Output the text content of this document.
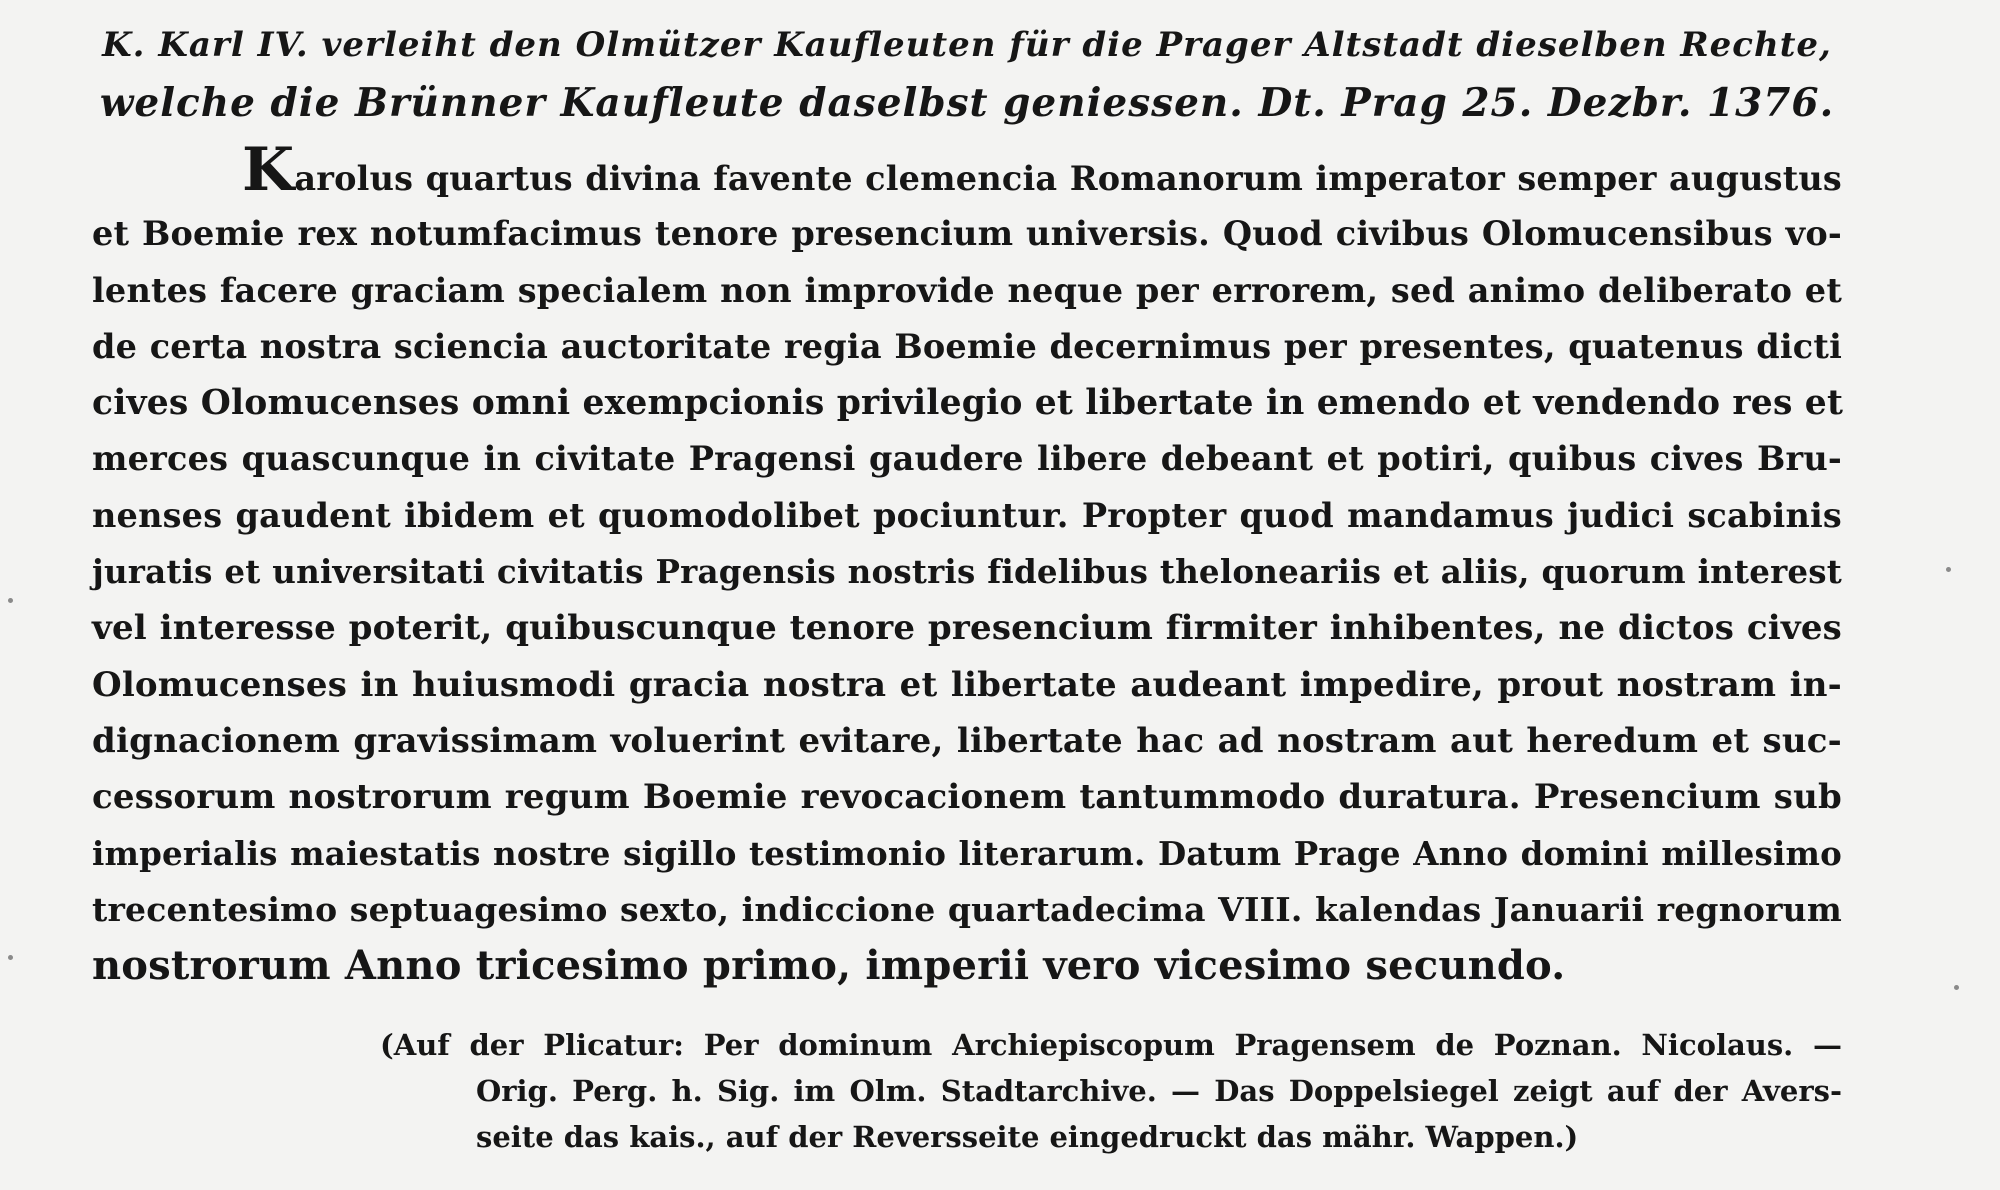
K. Karl IV. verleiht den Olmützer Kaufleuten für die Prager Altstadt dieselben Rechte,
welche die Brünner Kaufleute daselbst geniessen. Dt. Prag 25. Dezbr. 1376.
Karolus quartus divina favente clemencia Romanorum imperator semper augustus
et Boemie rex notumfacimus tenore presencium universis. Quod civibus Olomucensibus vo-
lentes facere graciam specialem non improvide neque per errorem, sed animo deliberato et
de certa nostra sciencia auctoritate regia Boemie decernimus per presentes, quatenus dicti
cives Olomucenses omni exempcionis privilegio et libertate in emendo et vendendo res et
merces quascunque in civitate Pragensi gaudere libere debeant et potiri, quibus cives Bru-
nenses gaudent ibidem et quomodolibet pociuntur. Propter quod mandamus judici scabinis
juratis et universitati civitatis Pragensis nostris fidelibus theloneariis et aliis, quorum interest
vel interesse poterit, quibuscunque tenore presencium firmiter inhibentes, ne dictos cives
Olomucenses in huiusmodi gracia nostra et libertate audeant impedire, prout nostram in-
dignacionem gravissimam voluerint evitare, libertate hac ad nostram aut heredum et suc-
cessorum nostrorum regum Boemie revocacionem tantummodo duratura. Presencium sub
imperialis maiestatis nostre sigillo testimonio literarum. Datum Prage Anno domini millesimo
trecentesimo septuagesimo sexto, indiccione quartadecima VIII. kalendas Januarii regnorum
nostrorum Anno tricesimo primo, imperii vero vicesimo secundo.
(Auf der Plicatur: Per dominum Archiepiscopum Pragensem de Poznan. Nicolaus. —
Orig. Perg. h. Sig. im Olm. Stadtarchive. — Das Doppelsiegel zeigt auf der Avers-
seite das kais., auf der Reversseite eingedruckt das mähr. Wappen.)
